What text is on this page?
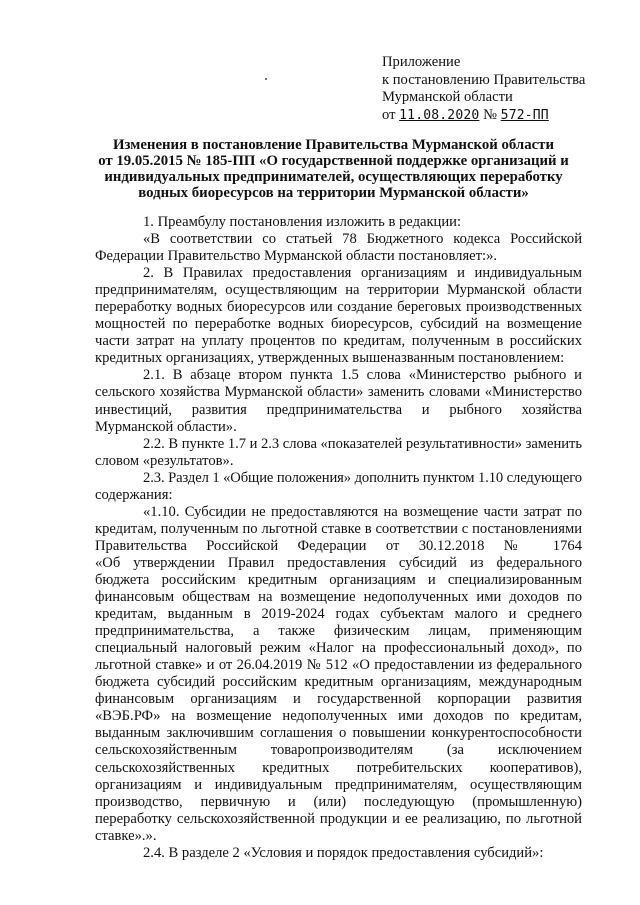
Приложение
к постановлению Правительства
Мурманской области
от 11.08.2020 № 572-ПП
Изменения в постановление Правительства Мурманской области
от 19.05.2015 № 185-ПП «О государственной поддержке организаций и
индивидуальных предпринимателей, осуществляющих переработку
водных биоресурсов на территории Мурманской области»
1. Преамбулу постановления изложить в редакции:
«В соответствии со статьей 78 Бюджетного кодекса Российской
Федерации Правительство Мурманской области постановляет:».
2. В Правилах предоставления организациям и индивидуальным
предпринимателям, осуществляющим на территории Мурманской области
переработку водных биоресурсов или создание береговых производственных
мощностей по переработке водных биоресурсов, субсидий на возмещение
части затрат на уплату процентов по кредитам, полученным в российских
кредитных организациях, утвержденных вышеназванным постановлением:
2.1. В абзаце втором пункта 1.5 слова «Министерство рыбного и
сельского хозяйства Мурманской области» заменить словами «Министерство
инвестиций, развития предпринимательства и рыбного хозяйства
Мурманской области».
2.2. В пункте 1.7 и 2.3 слова «показателей результативности» заменить
словом «результатов».
2.3. Раздел 1 «Общие положения» дополнить пунктом 1.10 следующего
содержания:
«1.10. Субсидии не предоставляются на возмещение части затрат по
кредитам, полученным по льготной ставке в соответствии с постановлениями
Правительства Российской Федерации от 30.12.2018 № 1764
«Об утверждении Правил предоставления субсидий из федерального
бюджета российским кредитным организациям и специализированным
финансовым обществам на возмещение недополученных ими доходов по
кредитам, выданным в 2019-2024 годах субъектам малого и среднего
предпринимательства, а также физическим лицам, применяющим
специальный налоговый режим «Налог на профессиональный доход», по
льготной ставке» и от 26.04.2019 № 512 «О предоставлении из федерального
бюджета субсидий российским кредитным организациям, международным
финансовым организациям и государственной корпорации развития
«ВЭБ.РФ» на возмещение недополученных ими доходов по кредитам,
выданным заключившим соглашения о повышении конкурентоспособности
сельскохозяйственным товаропроизводителям (за исключением
сельскохозяйственных кредитных потребительских кооперативов),
организациям и индивидуальным предпринимателям, осуществляющим
производство, первичную и (или) последующую (промышленную)
переработку сельскохозяйственной продукции и ее реализацию, по льготной
ставке».».
2.4. В разделе 2 «Условия и порядок предоставления субсидий»:
